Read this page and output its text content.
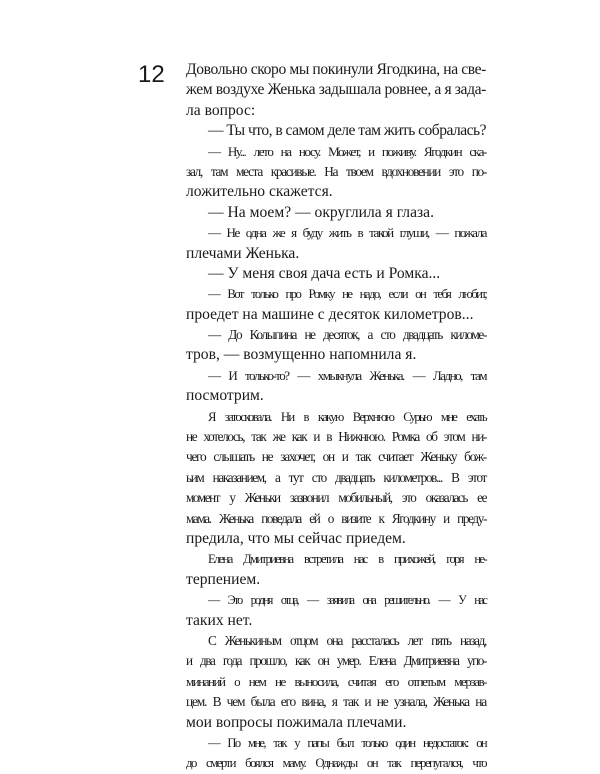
12 Довольно скоро мы покинули Ягодкина, на све-
жем воздухе Женька задышала ровнее, а я зада-
ла вопрос:
— Ты что, в самом деле там жить собралась?
— Ну... лето на носу. Может, и поживу. Ягодкин ска-
зал, там места красивые. На твоем вдохновении это по-
ложительно скажется.
— На моем? — округлила я глаза.
— Не одна же я буду жить в такой глуши, — пожала
плечами Женька.
— У меня своя дача есть и Ромка...
— Вот только про Ромку не надо, если он тебя любит,
проедет на машине с десяток километров...
— До Колыпина не десяток, а сто двадцать киломе-
тров, — возмущенно напомнила я.
— И только-то? — хмыкнула Женька. — Ладно, там
посмотрим.
Я затосковала. Ни в какую Верхнюю Сурью мне ехать
не хотелось, так же как и в Нижнюю. Ромка об этом ни-
чего слышать не захочет, он и так считает Женьку бож-
ьим наказанием, а тут сто двадцать километров... В этот
момент у Женьки зазвонил мобильный, это оказалась ее
мама. Женька поведала ей о визите к Ягодкину и преду-
предила, что мы сейчас приедем.
Елена Дмитриевна встретила нас в прихожей, горя не-
терпением.
— Это родня отца, — заявила она решительно. — У нас
таких нет.
С Женькиным отцом она рассталась лет пять назад,
и два года прошло, как он умер. Елена Дмитриевна упо-
минаний о нем не выносила, считая его отпетым мерзав-
цем. В чем была его вина, я так и не узнала, Женька на
мои вопросы пожимала плечами.
— По мне, так у папы был только один недостаток: он
до смерти боялся маму. Однажды он так перепугался, что
